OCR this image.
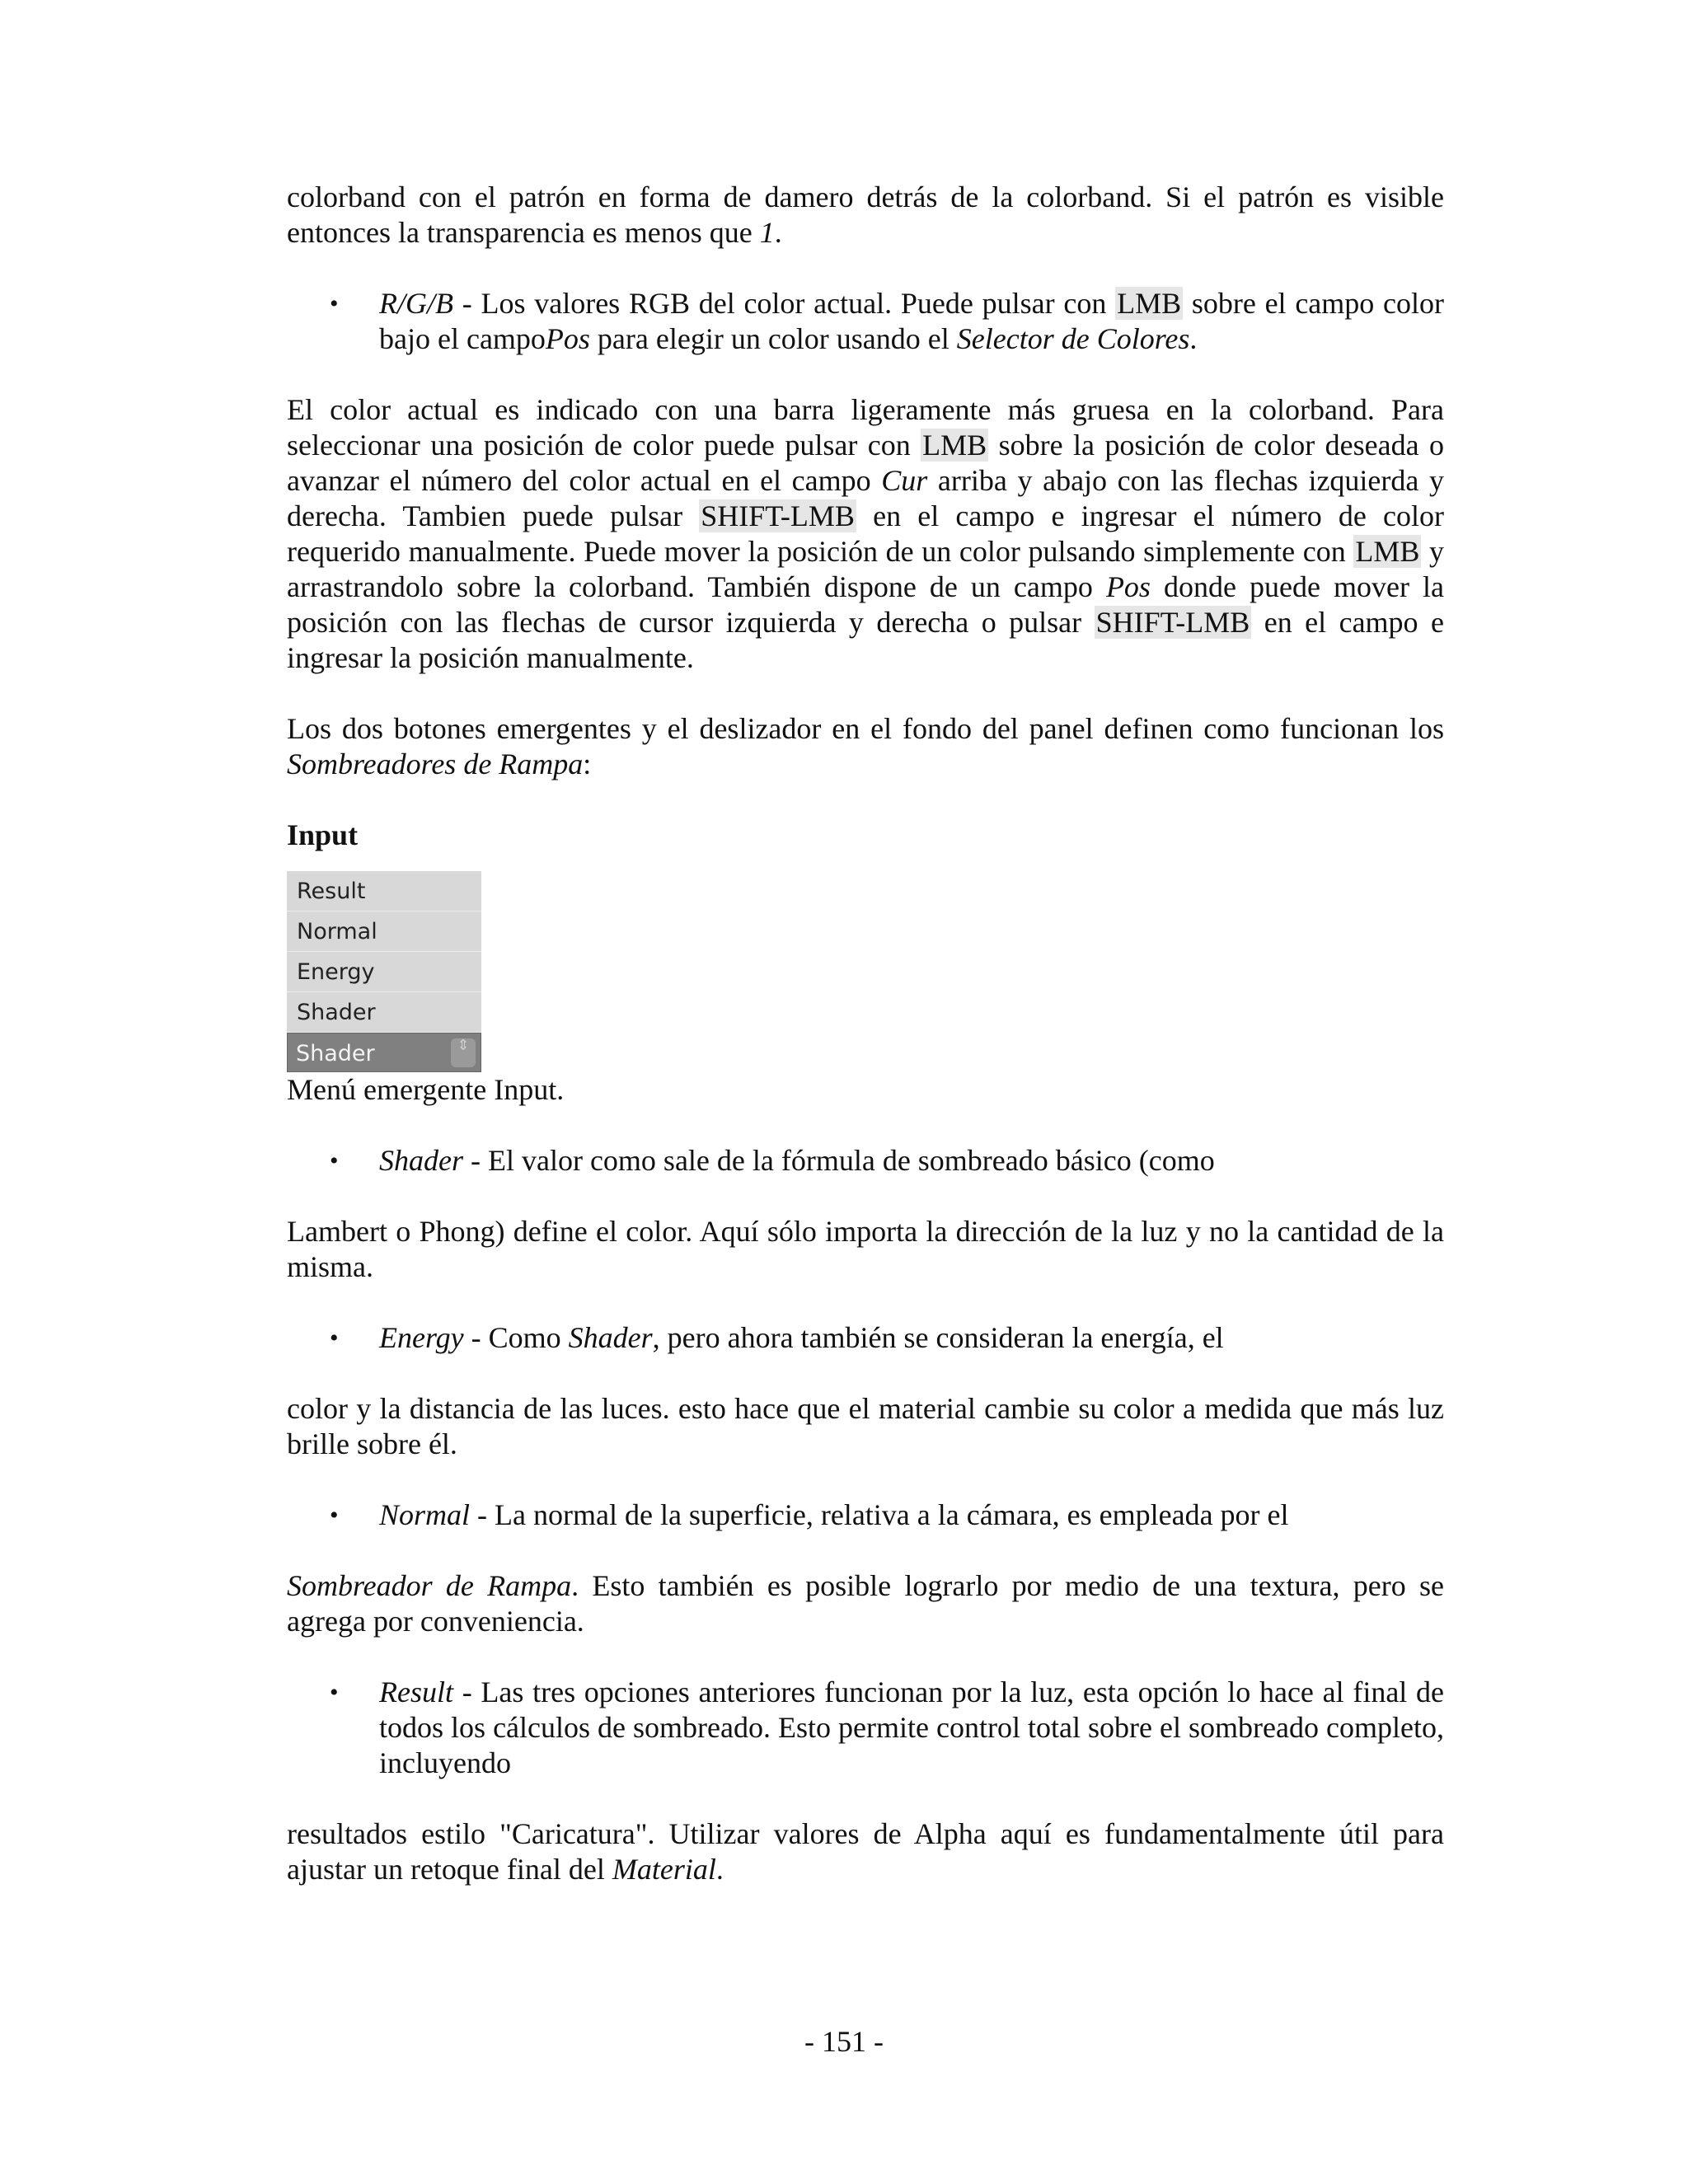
colorband con el patrón en forma de damero detrás de la colorband. Si el patrón es visible entonces la transparencia es menos que 1.

• R/G/B - Los valores RGB del color actual. Puede pulsar con LMB sobre el campo color bajo el campoPos para elegir un color usando el Selector de Colores.

El color actual es indicado con una barra ligeramente más gruesa en la colorband. Para seleccionar una posición de color puede pulsar con LMB sobre la posición de color deseada o avanzar el número del color actual en el campo Cur arriba y abajo con las flechas izquierda y derecha. Tambien puede pulsar SHIFT-LMB en el campo e ingresar el número de color requerido manualmente. Puede mover la posición de un color pulsando simplemente con LMB y arrastrandolo sobre la colorband. También dispone de un campo Pos donde puede mover la posición con las flechas de cursor izquierda y derecha o pulsar SHIFT-LMB en el campo e ingresar la posición manualmente.

Los dos botones emergentes y el deslizador en el fondo del panel definen como funcionan los Sombreadores de Rampa:

Input
Result
Normal
Energy
Shader
Shader	⇕
Menú emergente Input.
• Shader - El valor como sale de la fórmula de sombreado básico (como

Lambert o Phong) define el color. Aquí sólo importa la dirección de la luz y no la cantidad de la misma.

• Energy - Como Shader, pero ahora también se consideran la energía, el

color y la distancia de las luces. esto hace que el material cambie su color a medida que más luz brille sobre él.

• Normal - La normal de la superficie, relativa a la cámara, es empleada por el

Sombreador de Rampa. Esto también es posible lograrlo por medio de una textura, pero se agrega por conveniencia.

• Result - Las tres opciones anteriores funcionan por la luz, esta opción lo hace al final de todos los cálculos de sombreado. Esto permite control total sobre el sombreado completo, incluyendo

resultados estilo "Caricatura". Utilizar valores de Alpha aquí es fundamentalmente útil para ajustar un retoque final del Material.

- 151 -
